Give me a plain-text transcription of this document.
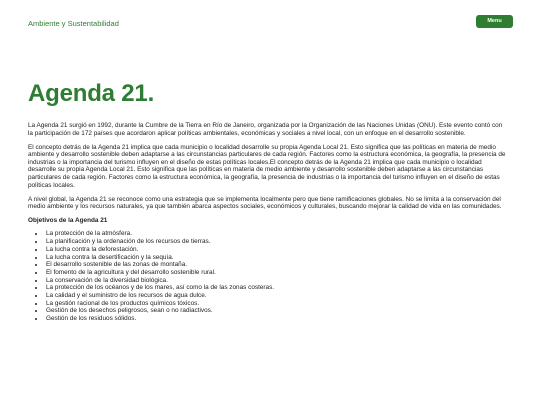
Ambiente y Sustentabilidad	Menu
Agenda 21.

La Agenda 21 surgió en 1992, durante la Cumbre de la Tierra en Río de Janeiro, organizada por la Organización de las Naciones Unidas (ONU). Este evento contó con la participación de 172 países que acordaron aplicar políticas ambientales, económicas y sociales a nivel local, con un enfoque en el desarrollo sostenible.

El concepto detrás de la Agenda 21 implica que cada municipio o localidad desarrolle su propia Agenda Local 21. Esto significa que las políticas en materia de medio ambiente y desarrollo sostenible deben adaptarse a las circunstancias particulares de cada región. Factores como la estructura económica, la geografía, la presencia de industrias o la importancia del turismo influyen en el diseño de estas políticas locales.El concepto detrás de la Agenda 21 implica que cada municipio o localidad desarrolle su propia Agenda Local 21. Esto significa que las políticas en materia de medio ambiente y desarrollo sostenible deben adaptarse a las circunstancias particulares de cada región. Factores como la estructura económica, la geografía, la presencia de industrias o la importancia del turismo influyen en el diseño de estas políticas locales.

A nivel global, la Agenda 21 se reconoce como una estrategia que se implementa localmente pero que tiene ramificaciones globales. No se limita a la conservación del medio ambiente y los recursos naturales, ya que también abarca aspectos sociales, económicos y culturales, buscando mejorar la calidad de vida en las comunidades.

Objetivos de la Agenda 21
• La protección de la atmósfera.
• La planificación y la ordenación de los recursos de tierras.
• La lucha contra la deforestación.
• La lucha contra la desertificación y la sequía.
• El desarrollo sostenible de las zonas de montaña.
• El fomento de la agricultura y del desarrollo sostenible rural.
• La conservación de la diversidad biológica.
• La protección de los océanos y de los mares, así como la de las zonas costeras.
• La calidad y el suministro de los recursos de agua dulce.
• La gestión racional de los productos químicos tóxicos.
• Gestión de los desechos peligrosos, sean o no radiactivos.
• Gestión de los residuos sólidos.
